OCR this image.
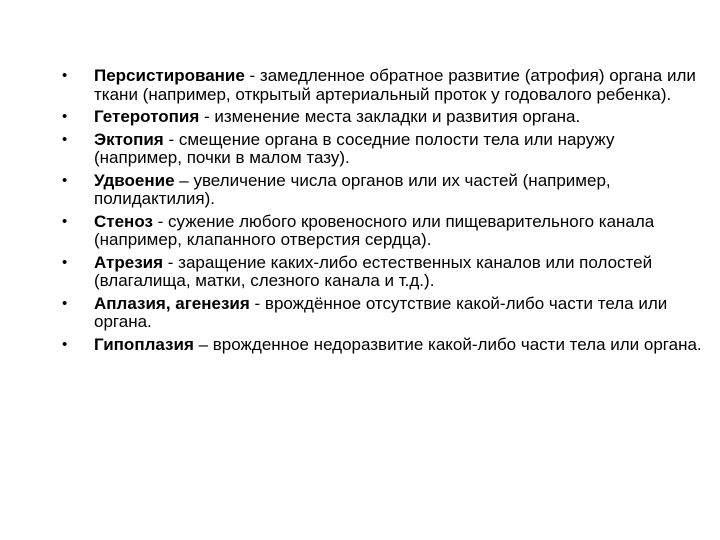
•	Персистирование - замедленное обратное развитие (атрофия) органа или ткани (например, открытый артериальный проток у годовалого ребенка).
•	Гетеротопия - изменение места закладки и развития органа.
•	Эктопия - смещение органа в соседние полости тела или наружу (например, почки в малом тазу).
•	Удвоение – увеличение числа органов или их частей (например, полидактилия).
•	Стеноз - сужение любого кровеносного или пищеварительного канала (например, клапанного отверстия сердца).
•	Атрезия - заращение каких-либо естественных каналов или полостей (влагалища, матки, слезного канала и т.д.).
•	Аплазия, агенезия - врождённое отсутствие какой-либо части тела или органа.
•	Гипоплазия – врожденное недоразвитие какой-либо части тела или органа.
